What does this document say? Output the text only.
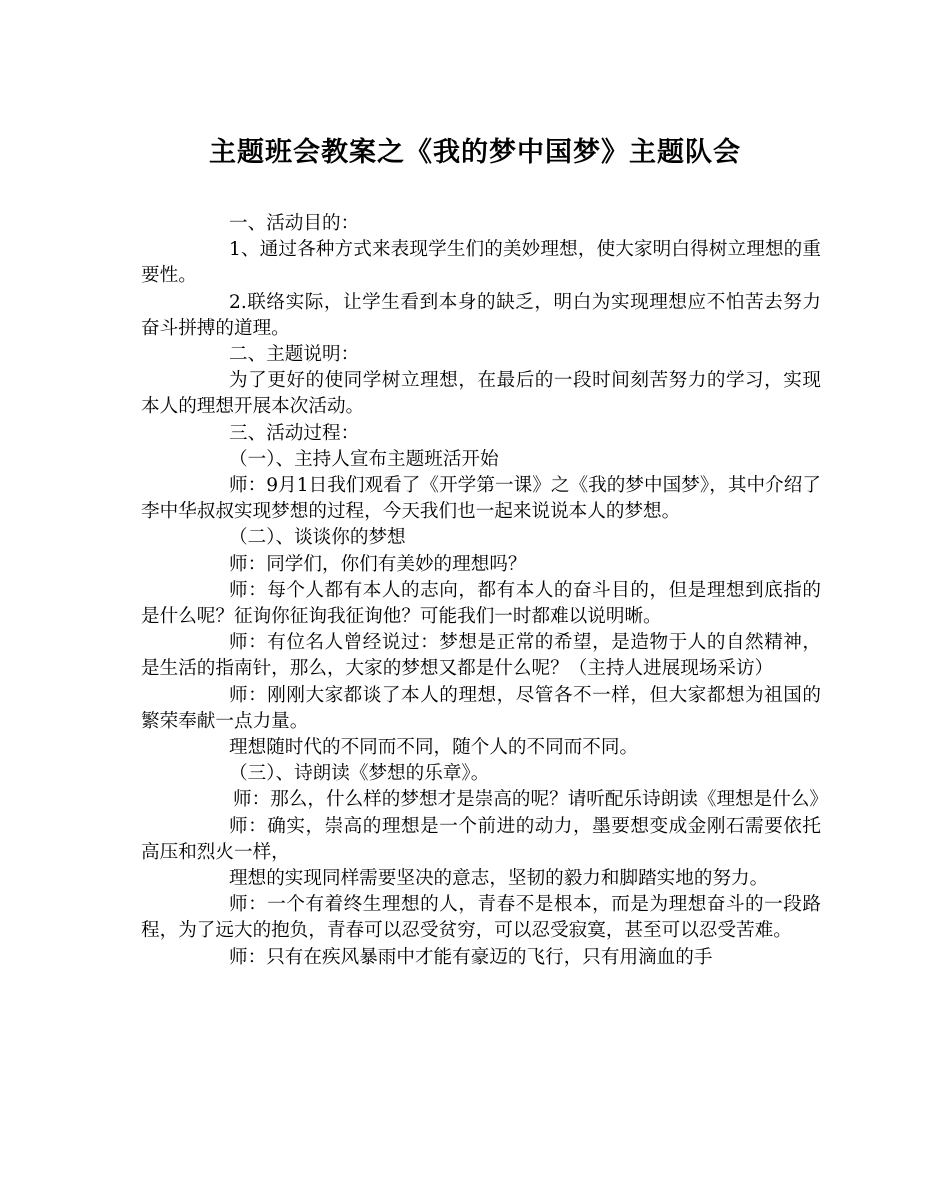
主题班会教案之《我的梦中国梦》主题队会

一、活动目的：

1、通过各种方式来表现学生们的美妙理想，使大家明白得树立理想的重要性。

2.联络实际，让学生看到本身的缺乏，明白为实现理想应不怕苦去努力奋斗拼搏的道理。

二、主题说明：

为了更好的使同学树立理想，在最后的一段时间刻苦努力的学习，实现本人的理想开展本次活动。

三、活动过程：

（一）、主持人宣布主题班活开始

师：9月1日我们观看了《开学第一课》之《我的梦中国梦》，其中介绍了李中华叔叔实现梦想的过程，今天我们也一起来说说本人的梦想。

（二）、谈谈你的梦想

师：同学们，你们有美妙的理想吗？

师：每个人都有本人的志向，都有本人的奋斗目的，但是理想到底指的是什么呢？征询你征询我征询他？可能我们一时都难以说明晰。

师：有位名人曾经说过：梦想是正常的希望，是造物于人的自然精神，是生活的指南针，那么，大家的梦想又都是什么呢？（主持人进展现场采访）

师：刚刚大家都谈了本人的理想，尽管各不一样，但大家都想为祖国的繁荣奉献一点力量。

理想随时代的不同而不同，随个人的不同而不同。

（三）、诗朗读《梦想的乐章》。

师：那么，什么样的梦想才是崇高的呢？请听配乐诗朗读《理想是什么》

师：确实，崇高的理想是一个前进的动力，墨要想变成金刚石需要依托高压和烈火一样，

理想的实现同样需要坚决的意志，坚韧的毅力和脚踏实地的努力。

师：一个有着终生理想的人，青春不是根本，而是为理想奋斗的一段路程，为了远大的抱负，青春可以忍受贫穷，可以忍受寂寞，甚至可以忍受苦难。

师：只有在疾风暴雨中才能有豪迈的飞行，只有用滴血的手
